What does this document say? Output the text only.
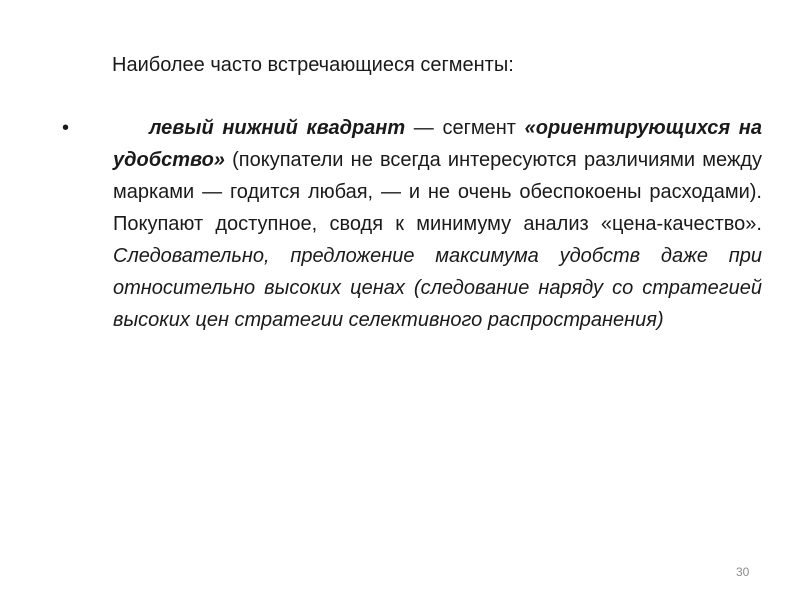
Наиболее часто встречающиеся сегменты:
•	левый нижний квадрант — сегмент «ориентирующихся на удобство» (покупатели не всегда интересуются различиями между марками — годится любая, — и не очень обеспокоены расходами). Покупают доступное, сводя к минимуму анализ «цена-качество». Следовательно, предложение максимума удобств даже при относительно высоких ценах (следование наряду со стратегией высоких цен стратегии селективного распространения)
30
